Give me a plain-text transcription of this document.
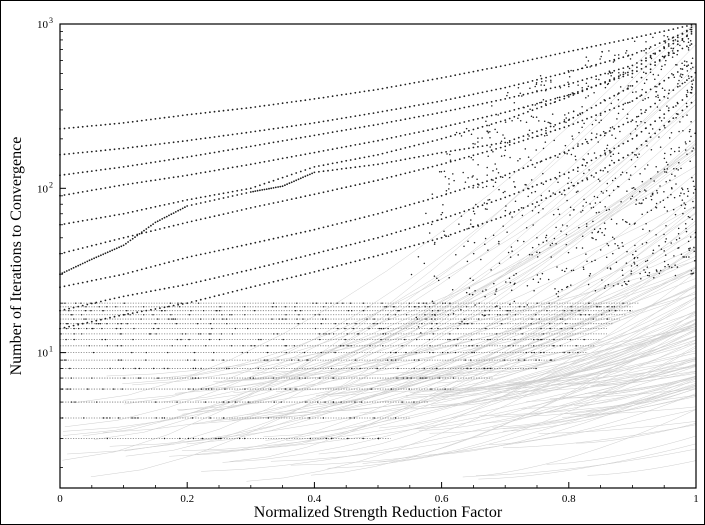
0	0.2	0.4	0.6	0.8	1
10 1
10 2
10 3
Normalized Strength Reduction Factor
Number of Iterations to Convergence
